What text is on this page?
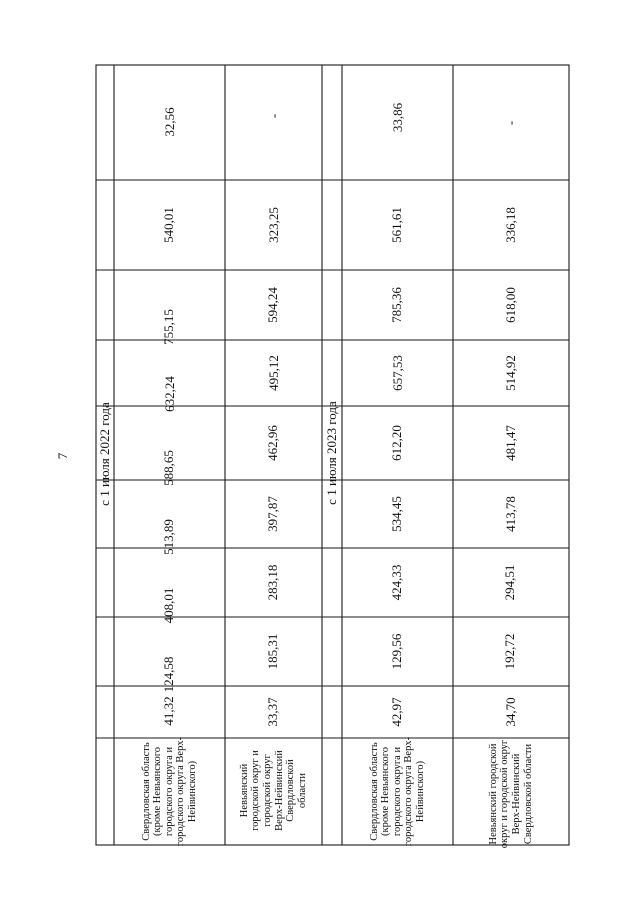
7 с 1 июля 2022 года
Свердловская область (кроме Невьянского городского округа и городского округа Верх-Нейвинского)
41,32
124,58
408,01
513,89
588,65
632,24
755,15
540,01
32,56
Невьянский городской округ и городской округ Верх-Нейвинский Свердловской области
33,37
185,31
283,18
397,87
462,96
495,12
594,24
323,25
-
с 1 июля 2023 года
Свердловская область (кроме Невьянского городского округа и городского округа Верх-Нейвинского)
42,97
129,56
424,33
534,45
612,20
657,53
785,36
561,61
33,86
Невьянский городской округ и городской округ Верх-Нейвинский Свердловской области
34,70
192,72
294,51
413,78
481,47
514,92
618,00
336,18
-
